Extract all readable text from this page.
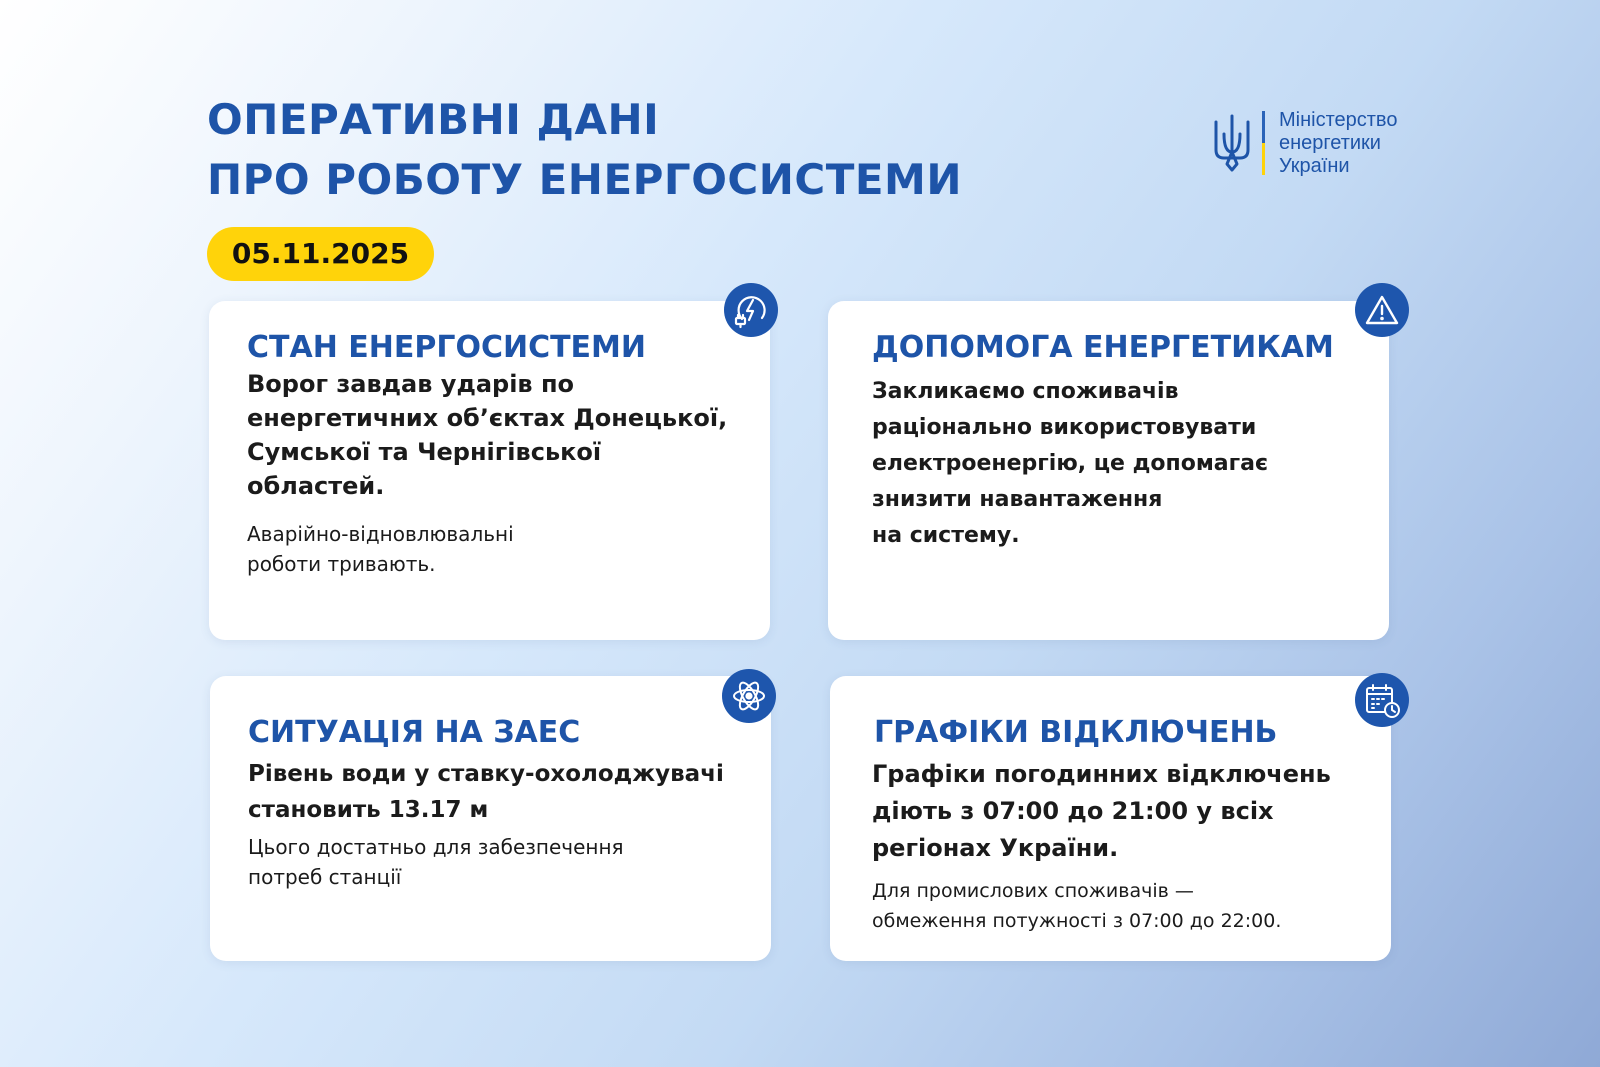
ОПЕРАТИВНІ ДАНІ
ПРО РОБОТУ ЕНЕРГОСИСТЕМИ
05.11.2025
Міністерство
енергетики
України
СТАН ЕНЕРГОСИСТЕМИ
Ворог завдав ударів по
енергетичних об’єктах Донецької,
Сумської та Чернігівської
областей.
Аварійно-відновлювальні
роботи тривають.
ДОПОМОГА ЕНЕРГЕТИКАМ
Закликаємо споживачів
раціонально використовувати
електроенергію, це допомагає
знизити навантаження
на систему.
СИТУАЦІЯ НА ЗАЕС
Рівень води у ставку-охолоджувачі
становить 13.17 м
Цього достатньо для забезпечення
потреб станції
ГРАФІКИ ВІДКЛЮЧЕНЬ
Графіки погодинних відключень
діють з 07:00 до 21:00 у всіх
регіонах України.
Для промислових споживачів —
обмеження потужності з 07:00 до 22:00.
